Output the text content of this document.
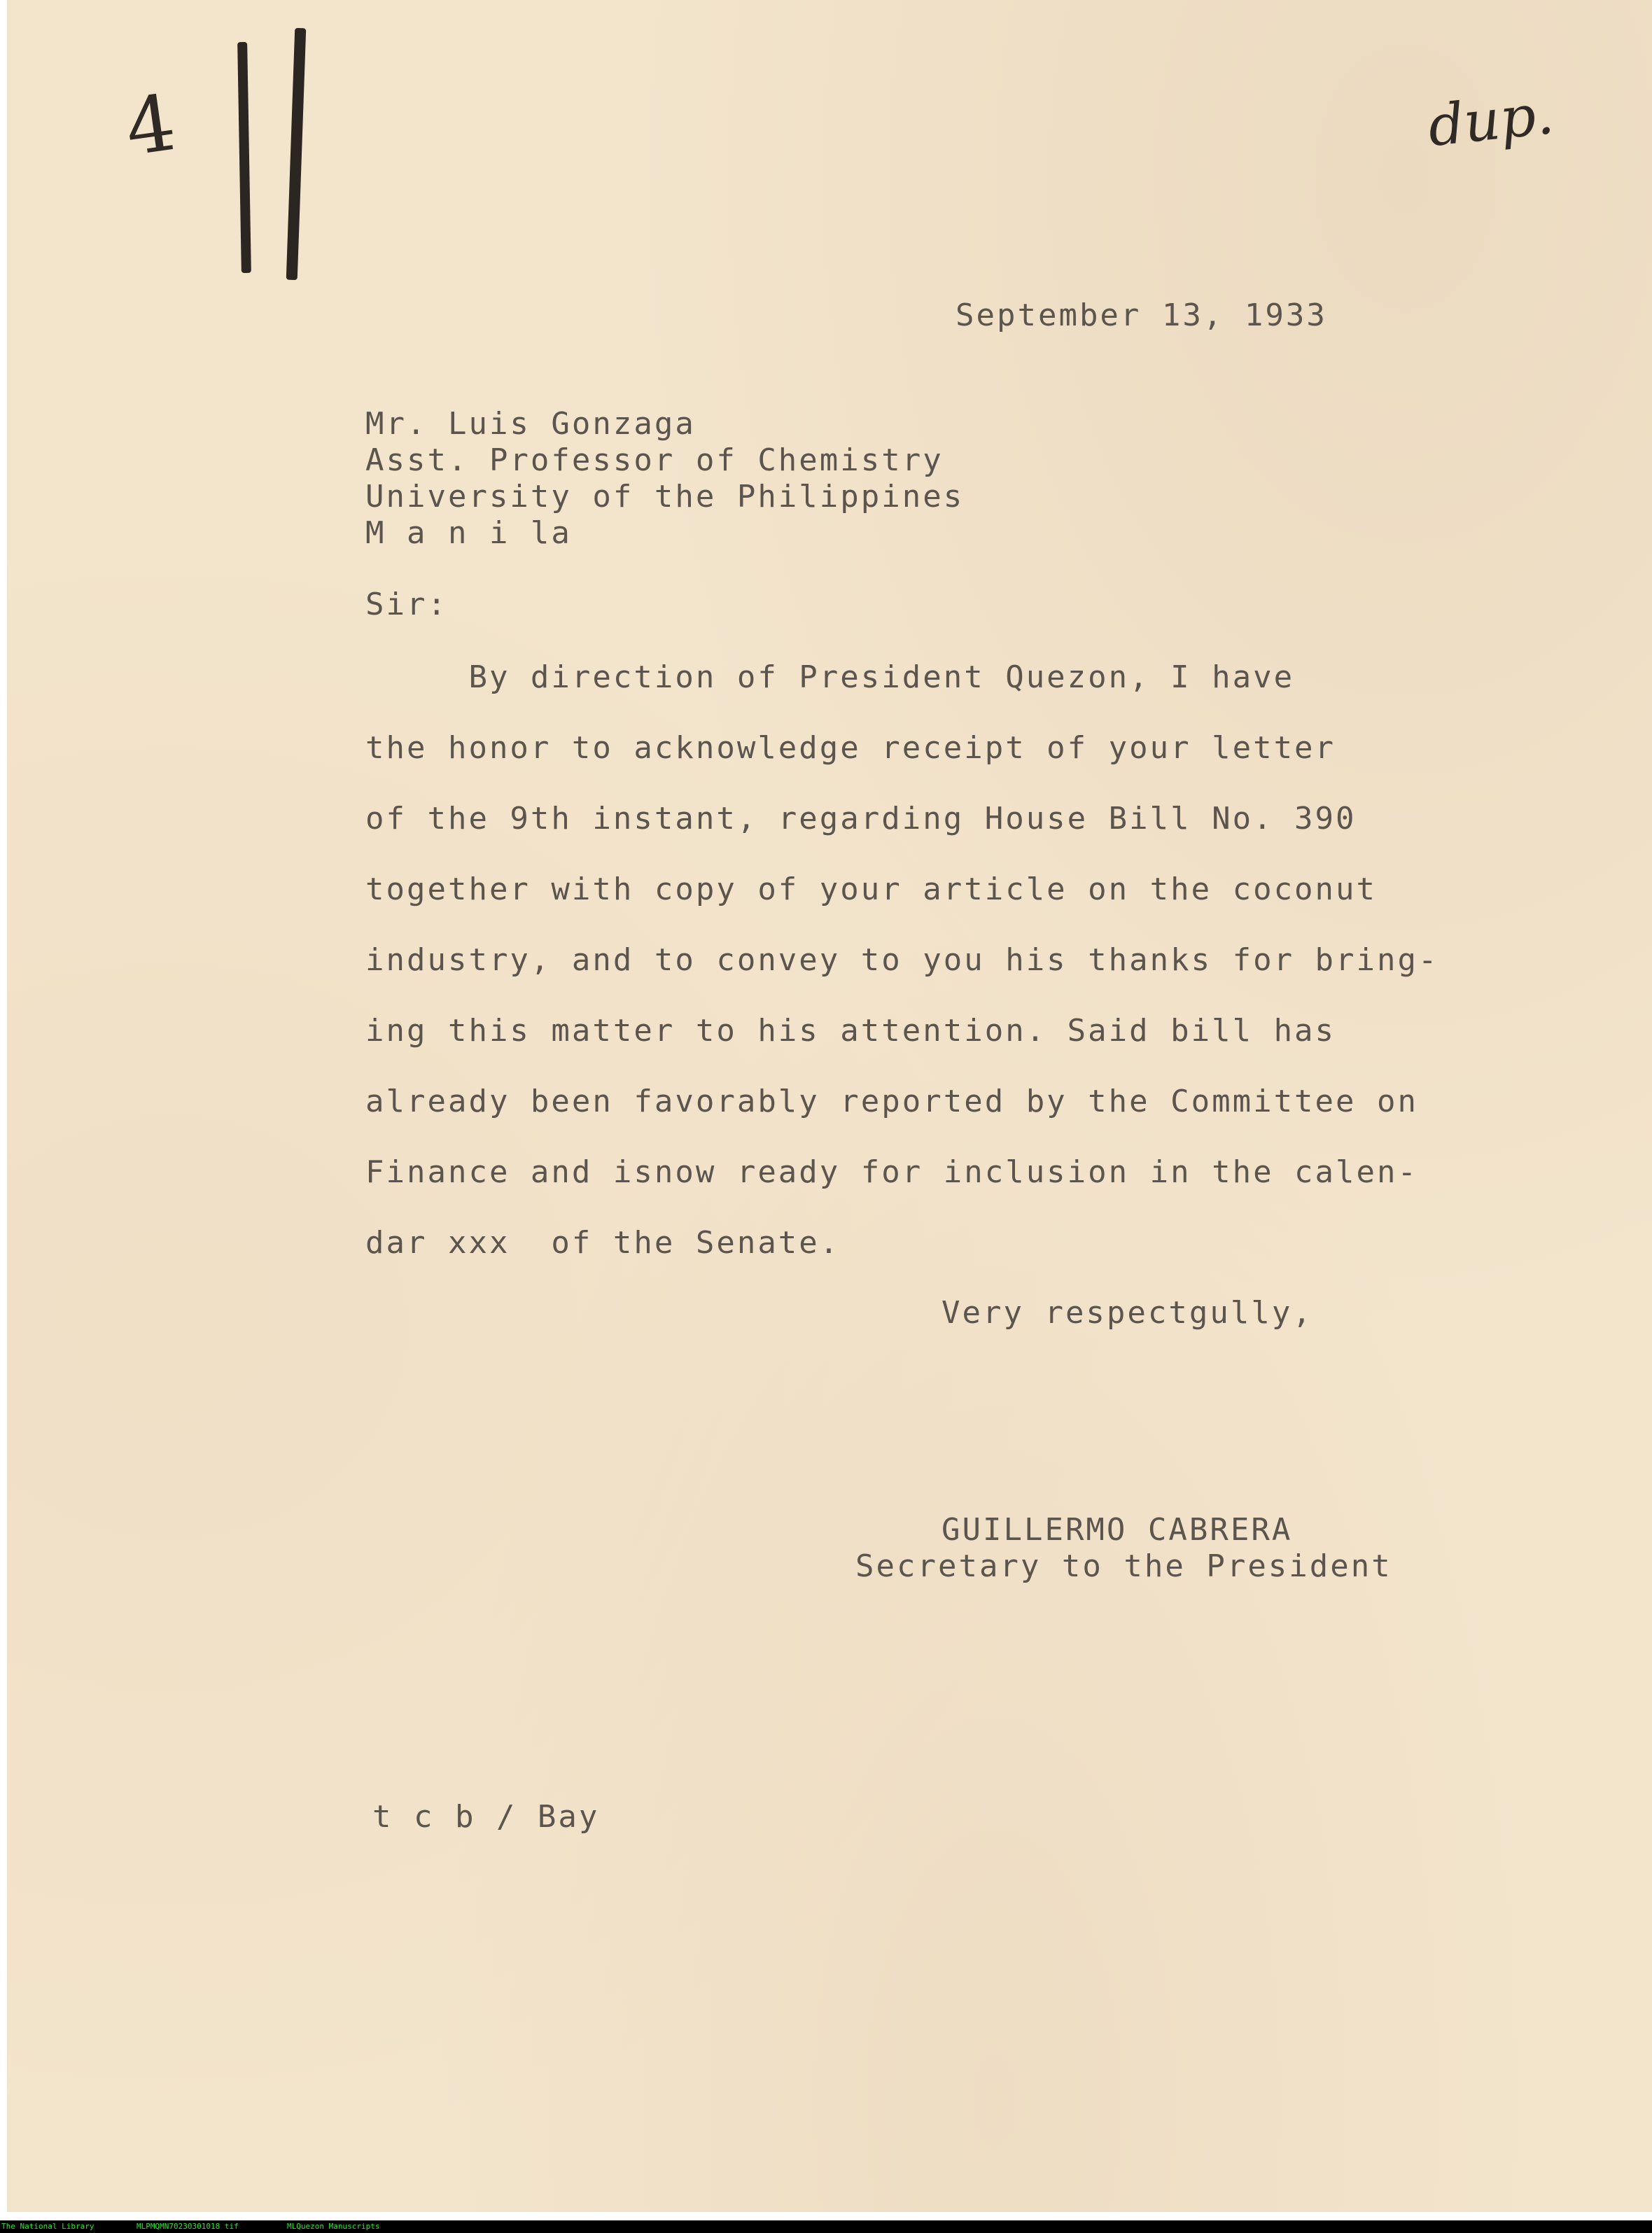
4	dup.
September 13, 1933
Mr. Luis Gonzaga
Asst. Professor of Chemistry
University of the Philippines
M a n i la
Sir:
By direction of President Quezon, I have
the honor to acknowledge receipt of your letter
of the 9th instant, regarding House Bill No. 390
together with copy of your article on the coconut
industry, and to convey to you his thanks for bring-
ing this matter to his attention. Said bill has
already been favorably reported by the Committee on
Finance and isnow ready for inclusion in the calen-
dar xxx  of the Senate.
Very respectgully,
GUILLERMO CABRERA
Secretary to the President
t c b / Bay
The National Library	MLPMQMN70230301018 tif	MLQuezon Manuscripts
